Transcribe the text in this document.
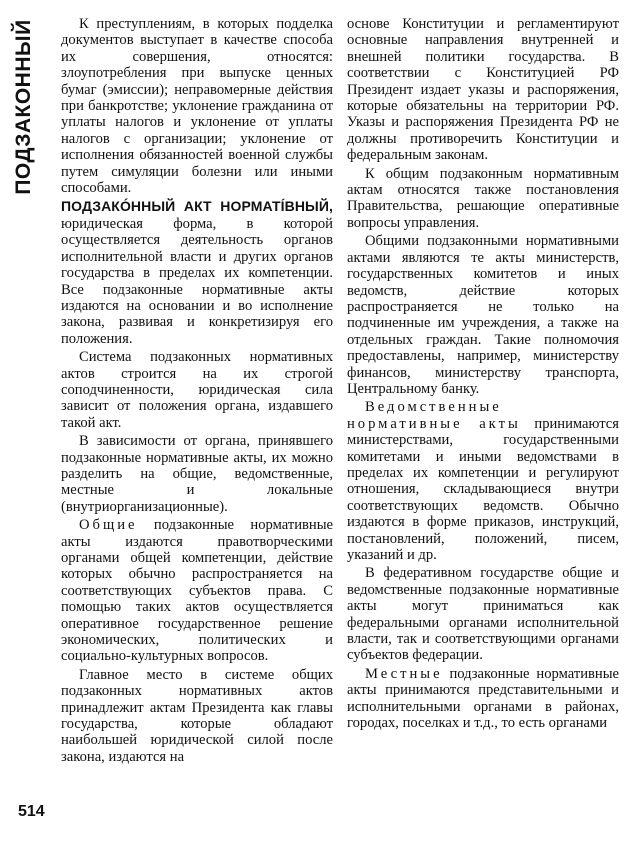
ПОДЗАКОННЫЙ
514

К преступлениям, в которых подделка документов выступает в качестве способа их совершения, относятся: злоупотребления при выпуске ценных бумаг (эмиссии); неправомерные действия при банкротстве; уклонение гражданина от уплаты налогов и уклонение от уплаты налогов с организации; уклонение от исполнения обязанностей военной службы путем симуляции болезни или иными способами.

ПОДЗАКÓННЫЙ АКТ НОРМАТÍВНЫЙ, юридическая форма, в которой осуществляется деятельность органов исполнительной власти и других органов государства в пределах их компетенции. Все подзаконные нормативные акты издаются на основании и во исполнение закона, развивая и конкретизируя его положения.

Система подзаконных нормативных актов строится на их строгой соподчиненности, юридическая сила зависит от положения органа, издавшего такой акт.

В зависимости от органа, принявшего подзаконные нормативные акты, их можно разделить на общие, ведомственные, местные и локальные (внутриорганизационные).

Общие подзаконные нормативные акты издаются правотворческими органами общей компетенции, действие которых обычно распространяется на соответствующих субъектов права. С помощью таких актов осуществляется оперативное государственное решение экономических, политических и социально-культурных вопросов.

Главное место в системе общих подзаконных нормативных актов принадлежит актам Президента как главы государства, которые обладают наибольшей юридической силой после закона, издаются на

основе Конституции и регламентируют основные направления внутренней и внешней политики государства. В соответствии с Конституцией РФ Президент издает указы и распоряжения, которые обязательны на территории РФ. Указы и распоряжения Президента РФ не должны противоречить Конституции и федеральным законам.

К общим подзаконным нормативным актам относятся также постановления Правительства, решающие оперативные вопросы управления.

Общими подзаконными нормативными актами являются те акты министерств, государственных комитетов и иных ведомств, действие которых распространяется не только на подчиненные им учреждения, а также на отдельных граждан. Такие полномочия предоставлены, например, министерству финансов, министерству транспорта, Центральному банку.

Ведомственные нормативные акты принимаются министерствами, государственными комитетами и иными ведомствами в пределах их компетенции и регулируют отношения, складывающиеся внутри соответствующих ведомств. Обычно издаются в форме приказов, инструкций, постановлений, положений, писем, указаний и др.

В федеративном государстве общие и ведомственные подзаконные нормативные акты могут приниматься как федеральными органами исполнительной власти, так и соответствующими органами субъектов федерации.

Местные подзаконные нормативные акты принимаются представительными и исполнительными органами в районах, городах, поселках и т.д., то есть органами
